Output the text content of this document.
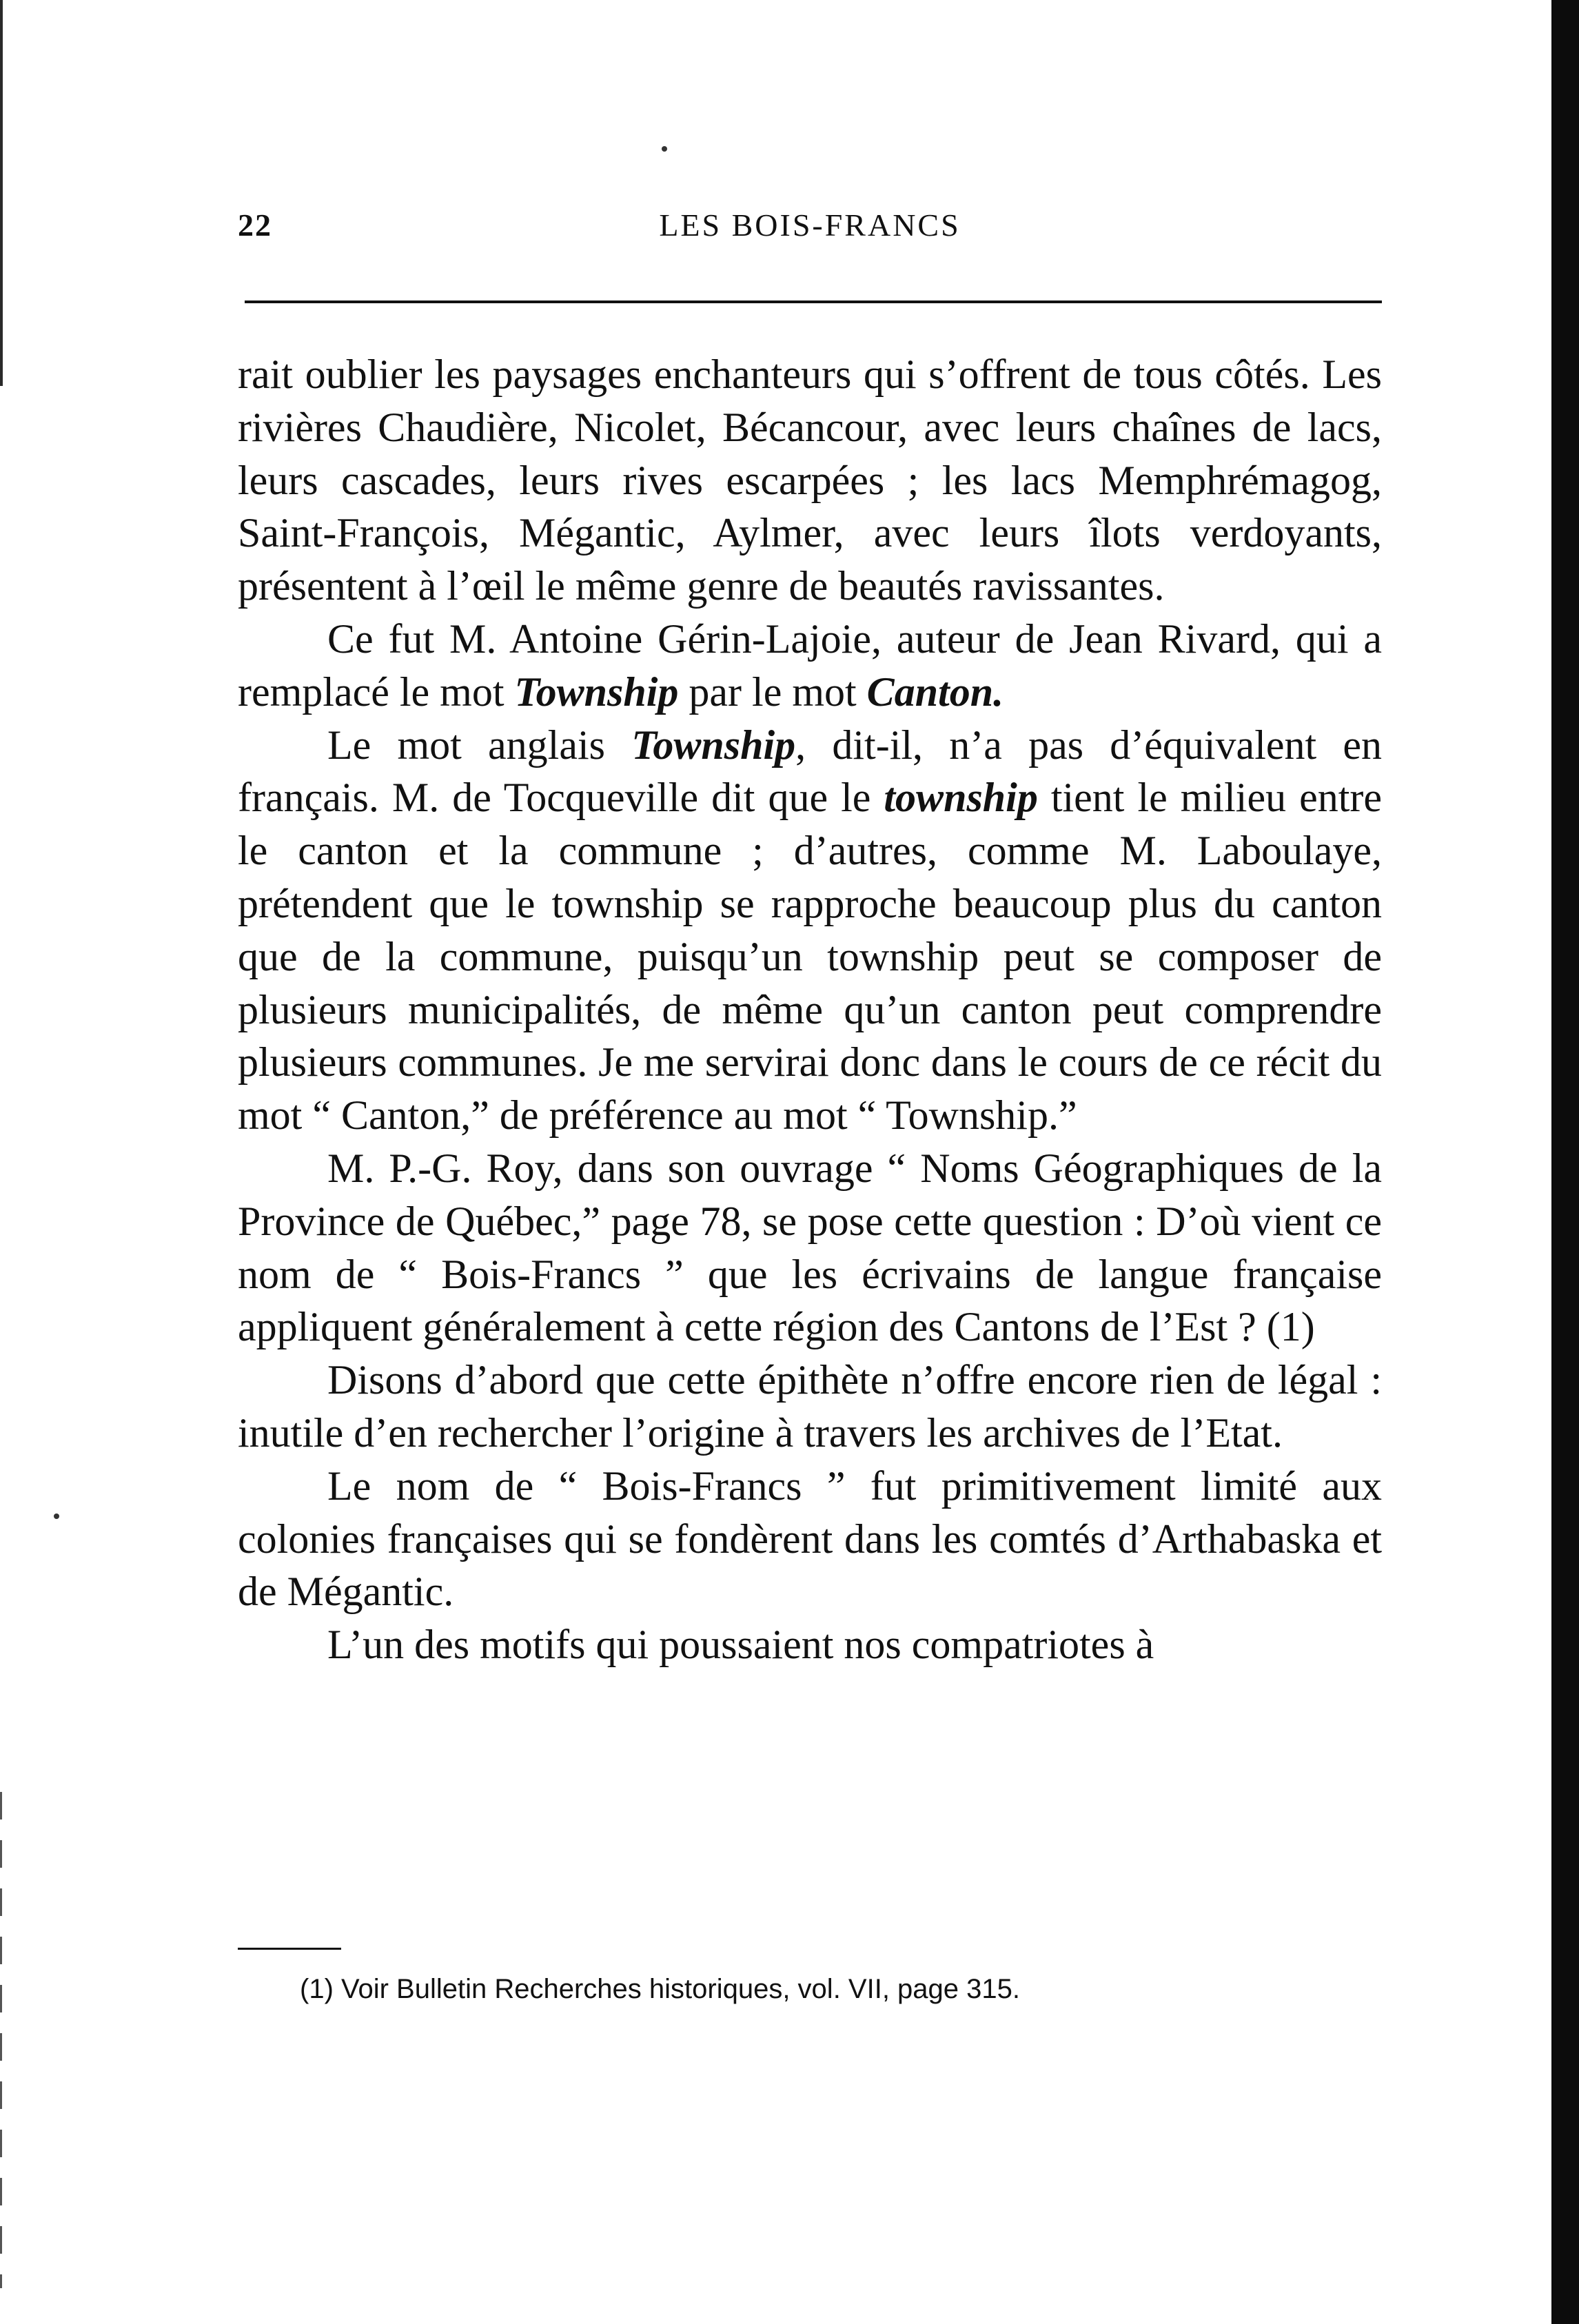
22	LES BOIS-FRANCS

rait oublier les paysages enchanteurs qui s’offrent de tous côtés. Les rivières Chaudière, Nicolet, Bécancour, avec leurs chaînes de lacs, leurs cascades, leurs rives escarpées ; les lacs Memphrémagog, Saint-François, Mégantic, Aylmer, avec leurs îlots verdoyants, présentent à l’œil le même genre de beautés ravissantes.

Ce fut M. Antoine Gérin-Lajoie, auteur de Jean Rivard, qui a remplacé le mot Township par le mot Canton.

Le mot anglais Township, dit-il, n’a pas d’équivalent en français. M. de Tocqueville dit que le township tient le milieu entre le canton et la commune ; d’autres, comme M. Laboulaye, prétendent que le township se rapproche beaucoup plus du canton que de la commune, puisqu’un township peut se composer de plusieurs municipalités, de même qu’un canton peut comprendre plusieurs communes. Je me servirai donc dans le cours de ce récit du mot “ Canton,” de préférence au mot “ Township.”

M. P.-G. Roy, dans son ouvrage “ Noms Géographiques de la Province de Québec,” page 78, se pose cette question : D’où vient ce nom de “ Bois-Francs ” que les écrivains de langue française appliquent généralement à cette région des Cantons de l’Est ? (1)

Disons d’abord que cette épithète n’offre encore rien de légal : inutile d’en rechercher l’origine à travers les archives de l’Etat.

Le nom de “ Bois-Francs ” fut primitivement limité aux colonies françaises qui se fondèrent dans les comtés d’Arthabaska et de Mégantic.

L’un des motifs qui poussaient nos compatriotes à

(1) Voir Bulletin Recherches historiques, vol. VII, page 315.
